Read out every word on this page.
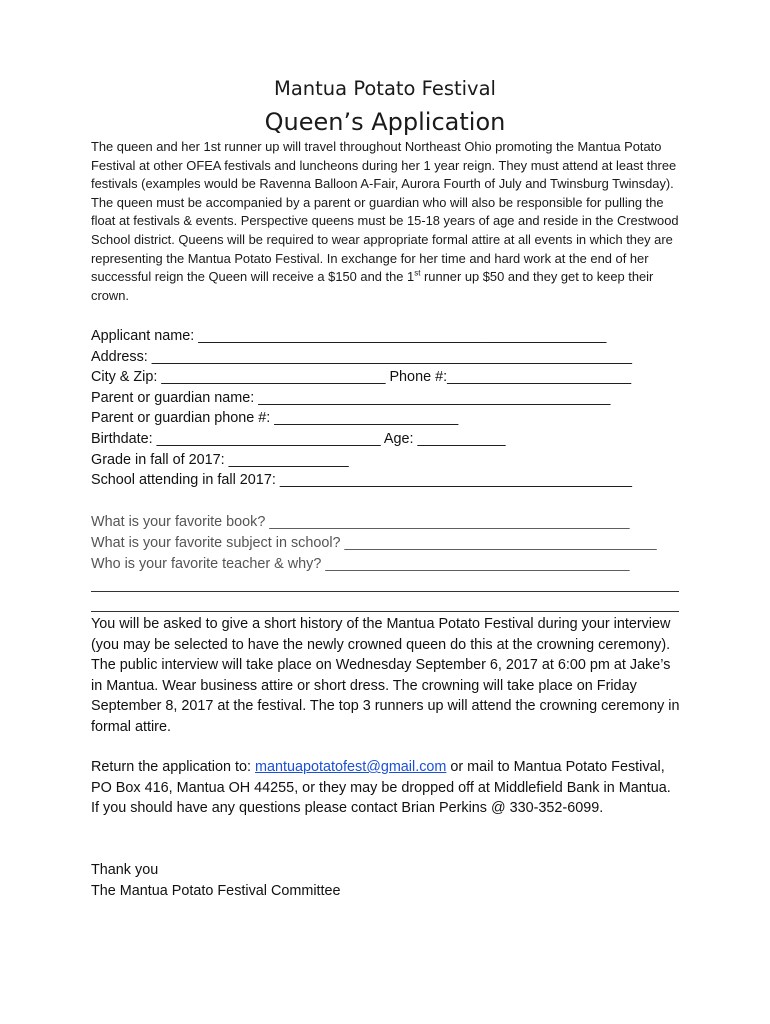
Mantua Potato Festival
Queen’s Application

The queen and her 1st runner up will travel throughout Northeast Ohio promoting the Mantua Potato Festival at other OFEA festivals and luncheons during her 1 year reign. They must attend at least three festivals (examples would be Ravenna Balloon A-Fair, Aurora Fourth of July and Twinsburg Twinsday). The queen must be accompanied by a parent or guardian who will also be responsible for pulling the float at festivals & events. Perspective queens must be 15-18 years of age and reside in the Crestwood School district. Queens will be required to wear appropriate formal attire at all events in which they are representing the Mantua Potato Festival. In exchange for her time and hard work at the end of her successful reign the Queen will receive a $150 and the 1st runner up $50 and they get to keep their crown.

Applicant name: ___________________________________________________
Address: ____________________________________________________________
City & Zip: ____________________________ Phone #:_______________________
Parent or guardian name: ____________________________________________
Parent or guardian phone #: _______________________
Birthdate: ____________________________ Age: ___________
Grade in fall of 2017: _______________
School attending in fall 2017: ____________________________________________
What is your favorite book? _____________________________________________
What is your favorite subject in school? _______________________________________
Who is your favorite teacher & why? ______________________________________

You will be asked to give a short history of the Mantua Potato Festival during your interview (you may be selected to have the newly crowned queen do this at the crowning ceremony). The public interview will take place on Wednesday September 6, 2017 at 6:00 pm at Jake’s in Mantua. Wear business attire or short dress. The crowning will take place on Friday September 8, 2017 at the festival. The top 3 runners up will attend the crowning ceremony in formal attire.

Return the application to: mantuapotatofest@gmail.com or mail to Mantua Potato Festival, PO Box 416, Mantua OH 44255, or they may be dropped off at Middlefield Bank in Mantua. If you should have any questions please contact Brian Perkins @ 330-352-6099.

Thank you
The Mantua Potato Festival Committee
